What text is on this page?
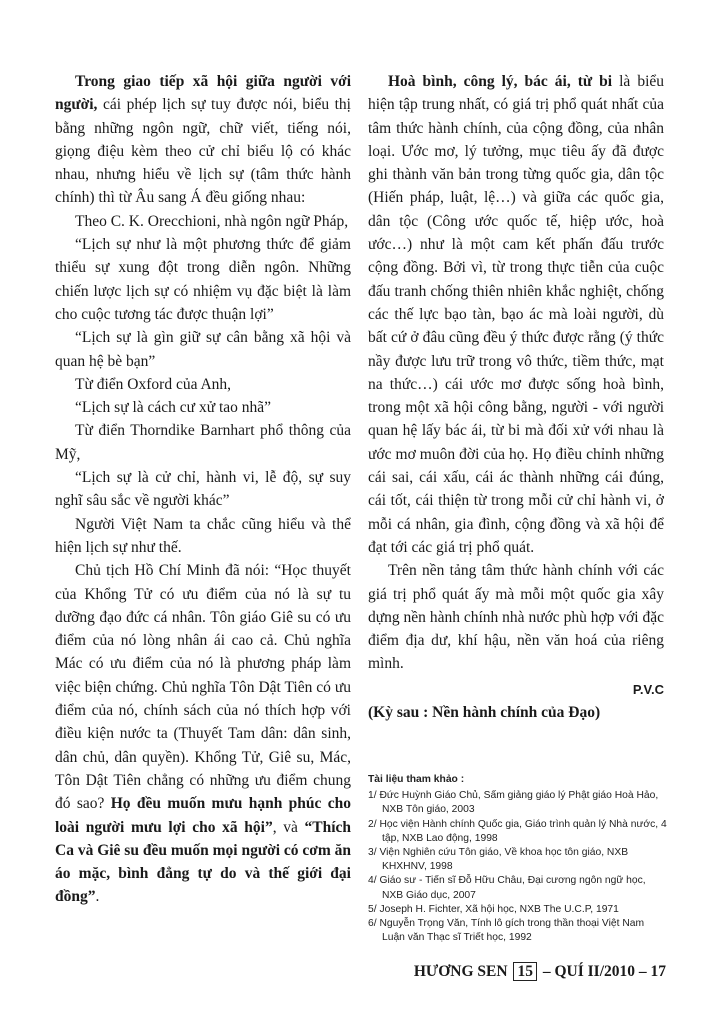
Trong giao tiếp xã hội giữa người với người, cái phép lịch sự tuy được nói, biểu thị bằng những ngôn ngữ, chữ viết, tiếng nói, giọng điệu kèm theo cử chỉ biểu lộ có khác nhau, nhưng hiểu về lịch sự (tâm thức hành chính) thì từ Âu sang Á đều giống nhau:

Theo C. K. Orecchioni, nhà ngôn ngữ Pháp,

“Lịch sự như là một phương thức để giảm thiểu sự xung đột trong diễn ngôn. Những chiến lược lịch sự có nhiệm vụ đặc biệt là làm cho cuộc tương tác được thuận lợi”

“Lịch sự là gìn giữ sự cân bằng xã hội và quan hệ bè bạn”

Từ điển Oxford của Anh,

“Lịch sự là cách cư xử tao nhã”

Từ điển Thorndike Barnhart phổ thông của Mỹ,

“Lịch sự là cử chỉ, hành vi, lễ độ, sự suy nghĩ sâu sắc về người khác”

Người Việt Nam ta chắc cũng hiểu và thể hiện lịch sự như thế.

Chủ tịch Hồ Chí Minh đã nói: “Học thuyết của Khổng Tử có ưu điểm của nó là sự tu dưỡng đạo đức cá nhân. Tôn giáo Giê su có ưu điểm của nó lòng nhân ái cao cả. Chủ nghĩa Mác có ưu điểm của nó là phương pháp làm việc biện chứng. Chủ nghĩa Tôn Dật Tiên có ưu điểm của nó, chính sách của nó thích hợp với điều kiện nước ta (Thuyết Tam dân: dân sinh, dân chủ, dân quyền). Khổng Tử, Giê su, Mác, Tôn Dật Tiên chẳng có những ưu điểm chung đó sao? Họ đều muốn mưu hạnh phúc cho loài người mưu lợi cho xã hội”, và “Thích Ca và Giê su đều muốn mọi người có cơm ăn áo mặc, bình đẳng tự do và thế giới đại đồng”.

Hoà bình, công lý, bác ái, từ bi là biểu hiện tập trung nhất, có giá trị phổ quát nhất của tâm thức hành chính, của cộng đồng, của nhân loại. Ước mơ, lý tưởng, mục tiêu ấy đã được ghi thành văn bản trong từng quốc gia, dân tộc (Hiến pháp, luật, lệ…) và giữa các quốc gia, dân tộc (Công ước quốc tế, hiệp ước, hoà ước…) như là một cam kết phấn đấu trước cộng đồng. Bởi vì, từ trong thực tiễn của cuộc đấu tranh chống thiên nhiên khắc nghiệt, chống các thế lực bạo tàn, bạo ác mà loài người, dù bất cứ ở đâu cũng đều ý thức được rằng (ý thức nầy được lưu trữ trong vô thức, tiềm thức, mạt na thức…) cái ước mơ được sống hoà bình, trong một xã hội công bằng, người - với người quan hệ lấy bác ái, từ bi mà đối xử với nhau là ước mơ muôn đời của họ. Họ điều chỉnh những cái sai, cái xấu, cái ác thành những cái đúng, cái tốt, cái thiện từ trong mỗi cử chỉ hành vi, ở mỗi cá nhân, gia đình, cộng đồng và xã hội để đạt tới các giá trị phổ quát.

Trên nền tảng tâm thức hành chính với các giá trị phổ quát ấy mà mỗi một quốc gia xây dựng nền hành chính nhà nước phù hợp với đặc điểm địa dư, khí hậu, nền văn hoá của riêng mình.

P.V.C

(Kỳ sau : Nền hành chính của Đạo)

Tài liệu tham khảo :
1/ Đức Huỳnh Giáo Chủ, Sấm giảng giáo lý Phật giáo Hoà Hảo, NXB Tôn giáo, 2003
2/ Học viện Hành chính Quốc gia, Giáo trình quản lý Nhà nước, 4 tập, NXB Lao động, 1998
3/ Viện Nghiên cứu Tôn giáo, Về khoa học tôn giáo, NXB KHXHNV, 1998
4/ Giáo sư - Tiến sĩ Đỗ Hữu Châu, Đại cương ngôn ngữ học, NXB Giáo dục, 2007
5/ Joseph H. Fichter, Xã hội học, NXB The U.C.P, 1971
6/ Nguyễn Trọng Văn, Tính lô gích trong thần thoại Việt Nam Luận văn Thạc sĩ Triết học, 1992
HƯƠNG SEN 15 – QUÍ II/2010 – 17
